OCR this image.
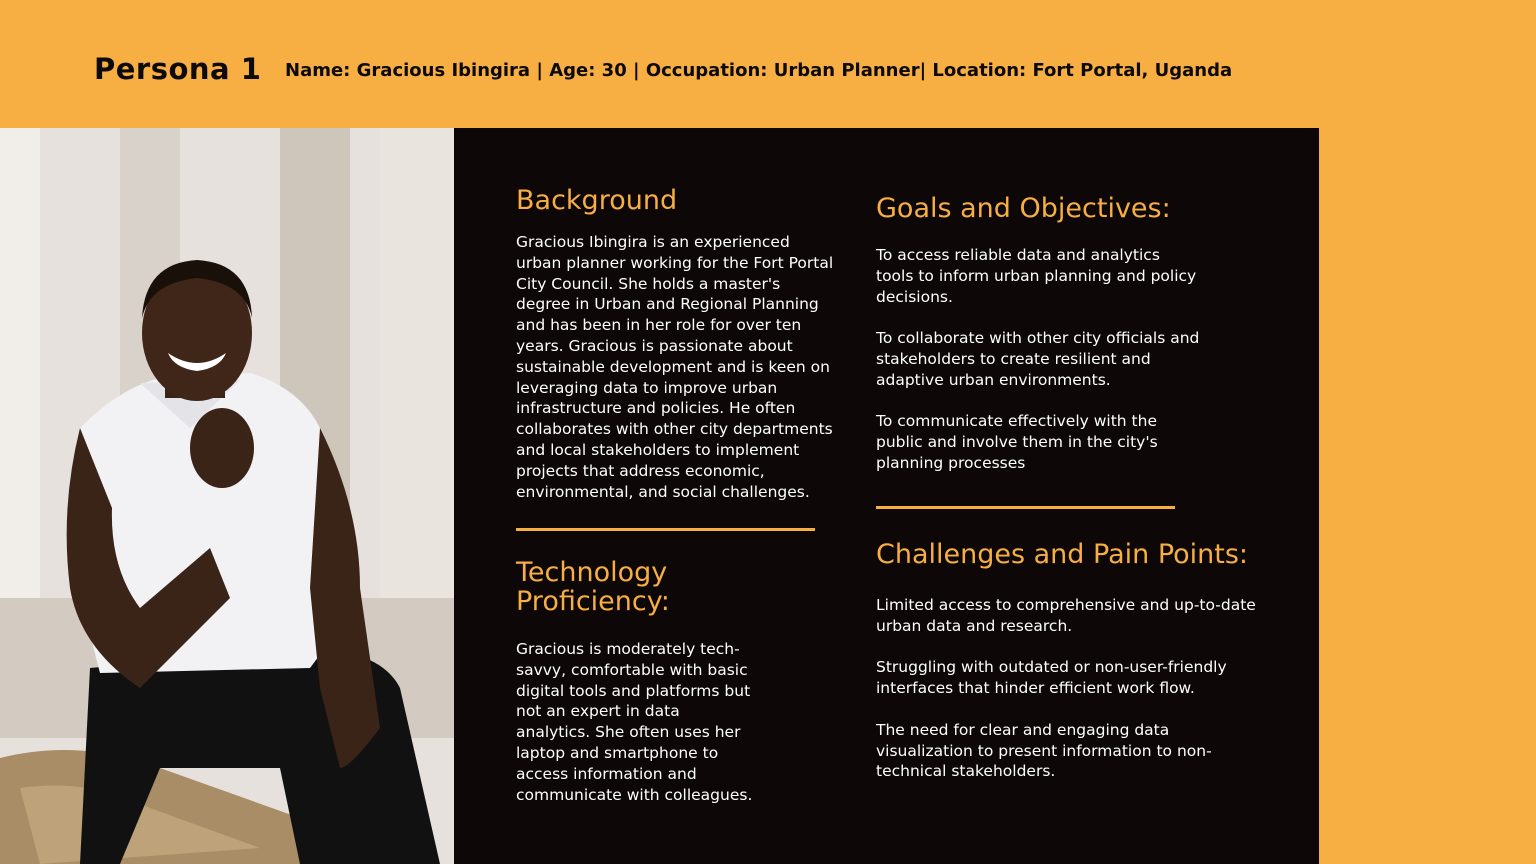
Persona 1 Name: Gracious Ibingira | Age: 30 | Occupation: Urban Planner| Location: Fort Portal, Uganda
Background
Gracious Ibingira is an experienced urban planner working for the Fort Portal City Council. She holds a master's degree in Urban and Regional Planning and has been in her role for over ten years. Gracious is passionate about sustainable development and is keen on leveraging data to improve urban infrastructure and policies. He often collaborates with other city departments and local stakeholders to implement projects that address economic, environmental, and social challenges.
Technology
Proficiency:
Gracious is moderately tech-savvy, comfortable with basic digital tools and platforms but not an expert in data analytics. She often uses her laptop and smartphone to access information and communicate with colleagues.
Goals and Objectives:

To access reliable data and analytics tools to inform urban planning and policy decisions.

To collaborate with other city officials and stakeholders to create resilient and adaptive urban environments.

To communicate effectively with the public and involve them in the city's planning processes

Challenges and Pain Points:

Limited access to comprehensive and up-to-date urban data and research.

Struggling with outdated or non-user-friendly interfaces that hinder efficient work flow.

The need for clear and engaging data visualization to present information to non-technical stakeholders.
